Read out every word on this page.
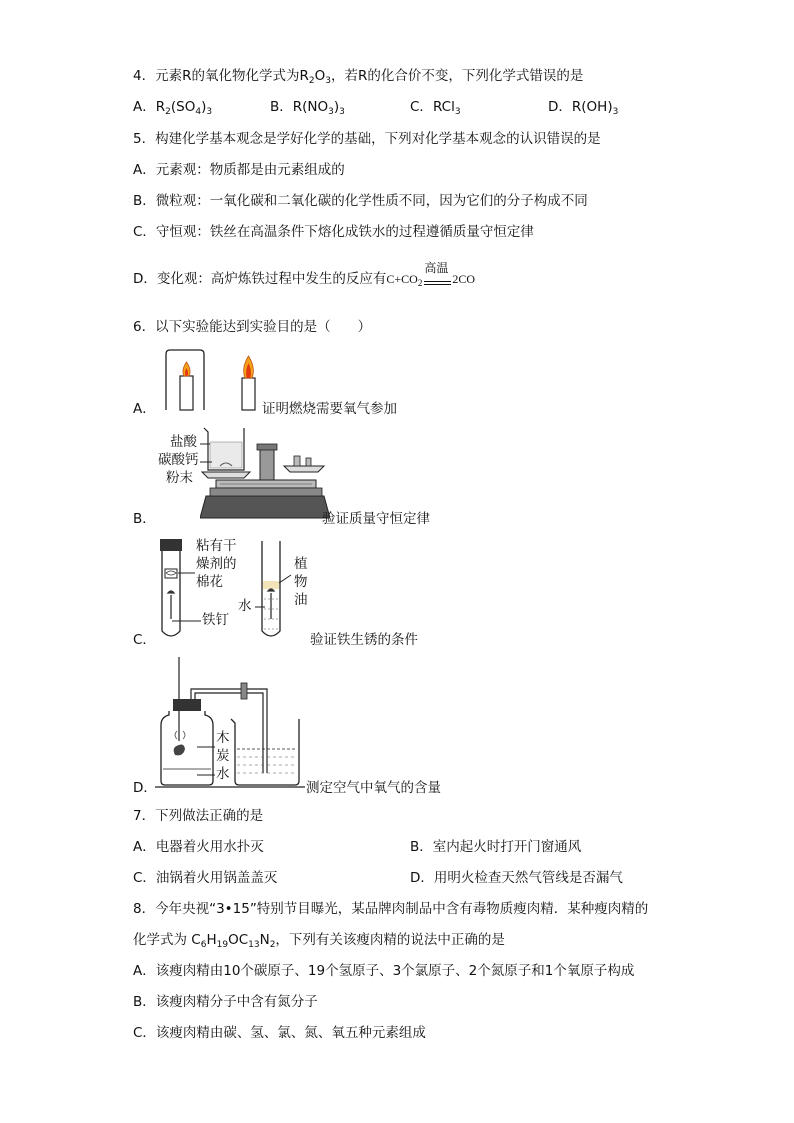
4．元素R的氧化物化学式为$R_2O_3$，若R的化合价不变，下列化学式错误的是
A．$R_2(SO_4)_3$	B．$R(NO_3)_3$	C．RCl$_3$	D．$R(OH)_3$
5．构建化学基本观念是学好化学的基础，下列对化学基本观念的认识错误的是
A．元素观：物质都是由元素组成的
B．微粒观：一氧化碳和二氧化碳的化学性质不同，因为它们的分子构成不同
C．守恒观：铁丝在高温条件下熔化成铁水的过程遵循质量守恒定律
D．变化观：高炉炼铁过程中发生的反应有$C+CO_2$
高温
2CO
6．以下实验能达到实验目的是（　　）
A．	证明燃烧需要氧气参加
B．
盐酸
碳酸钙
粉末
验证质量守恒定律
C．
粘有干
燥剂的
棉花
铁钉
植
物
油
水
验证铁生锈的条件
D．
木
炭
水
测定空气中氧气的含量
7．下列做法正确的是
A．电器着火用水扑灭	B．室内起火时打开门窗通风
C．油锅着火用锅盖盖灭	D．用明火检查天然气管线是否漏气
8．今年央视“3•15”特别节目曝光，某品牌肉制品中含有毒物质瘦肉精．某种瘦肉精的
化学式为 $C_6H_{19}OC_{13}N_2$，下列有关该瘦肉精的说法中正确的是
A．该瘦肉精由10个碳原子、19个氢原子、3个氯原子、2个氮原子和1个氧原子构成
B．该瘦肉精分子中含有氮分子
C．该瘦肉精由碳、氢、氯、氮、氧五种元素组成
